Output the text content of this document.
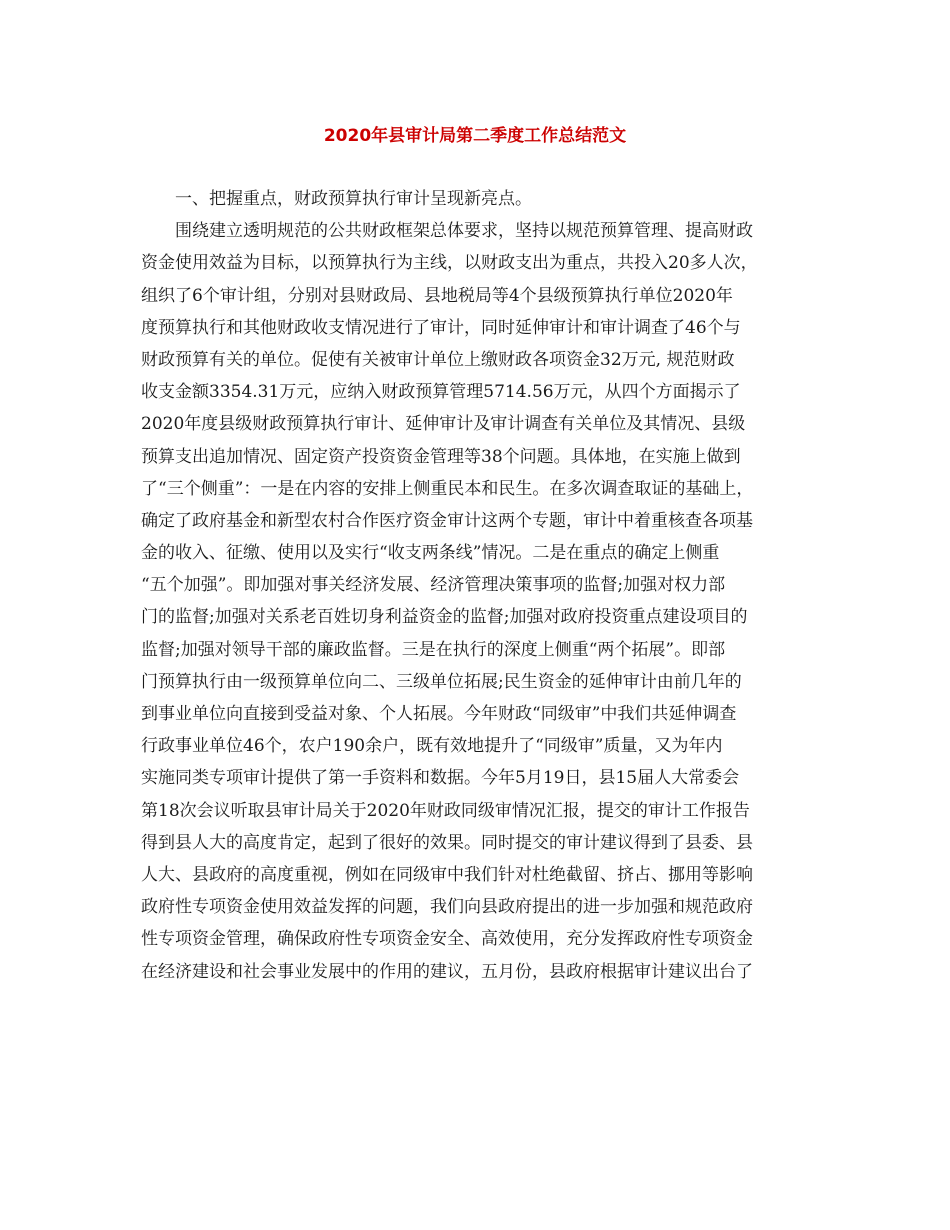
2020年县审计局第二季度工作总结范文
一、把握重点，财政预算执行审计呈现新亮点。
围绕建立透明规范的公共财政框架总体要求，坚持以规范预算管理、提高财政
资金使用效益为目标，以预算执行为主线，以财政支出为重点，共投入20多人次，
组织了6个审计组，分别对县财政局、县地税局等4个县级预算执行单位2020年
度预算执行和其他财政收支情况进行了审计，同时延伸审计和审计调查了46个与
财政预算有关的单位。促使有关被审计单位上缴财政各项资金32万元, 规范财政
收支金额3354.31万元，应纳入财政预算管理5714.56万元，从四个方面揭示了
2020年度县级财政预算执行审计、延伸审计及审计调查有关单位及其情况、县级
预算支出追加情况、固定资产投资资金管理等38个问题。具体地，在实施上做到
了“三个侧重”：一是在内容的安排上侧重民本和民生。在多次调查取证的基础上，
确定了政府基金和新型农村合作医疗资金审计这两个专题，审计中着重核查各项基
金的收入、征缴、使用以及实行“收支两条线”情况。二是在重点的确定上侧重
“五个加强”。即加强对事关经济发展、经济管理决策事项的监督;加强对权力部
门的监督;加强对关系老百姓切身利益资金的监督;加强对政府投资重点建设项目的
监督;加强对领导干部的廉政监督。三是在执行的深度上侧重“两个拓展”。即部
门预算执行由一级预算单位向二、三级单位拓展;民生资金的延伸审计由前几年的
到事业单位向直接到受益对象、个人拓展。今年财政“同级审”中我们共延伸调查
行政事业单位46个，农户190余户，既有效地提升了“同级审”质量，又为年内
实施同类专项审计提供了第一手资料和数据。今年5月19日，县15届人大常委会
第18次会议听取县审计局关于2020年财政同级审情况汇报，提交的审计工作报告
得到县人大的高度肯定，起到了很好的效果。同时提交的审计建议得到了县委、县
人大、县政府的高度重视，例如在同级审中我们针对杜绝截留、挤占、挪用等影响
政府性专项资金使用效益发挥的问题，我们向县政府提出的进一步加强和规范政府
性专项资金管理，确保政府性专项资金安全、高效使用，充分发挥政府性专项资金
在经济建设和社会事业发展中的作用的建议，五月份，县政府根据审计建议出台了
